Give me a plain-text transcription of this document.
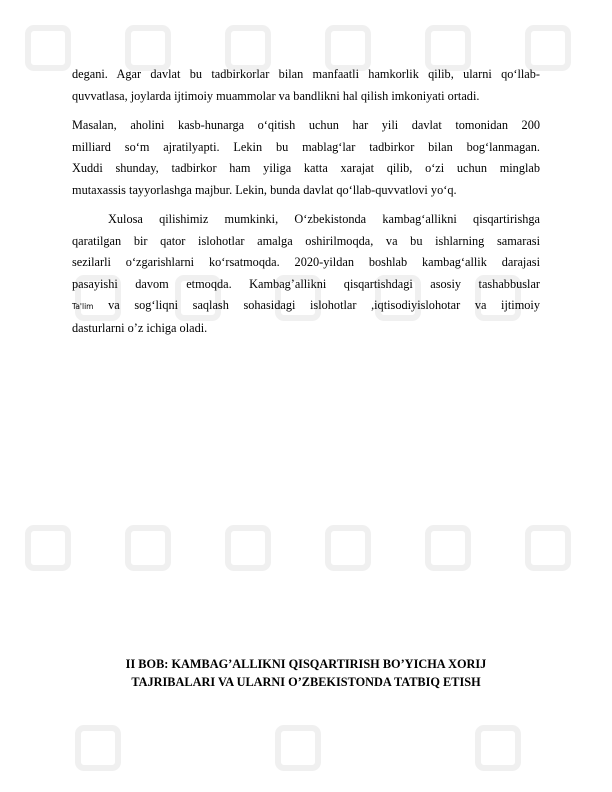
degani. Agar davlat bu tadbirkorlar bilan manfaatli hamkorlik qilib, ularni qo‘llab-
quvvatlasa, joylarda ijtimoiy muammolar va bandlikni hal qilish imkoniyati ortadi.

Masalan, aholini kasb-hunarga o‘qitish uchun har yili davlat tomonidan 200
milliard so‘m ajratilyapti. Lekin bu mablag‘lar tadbirkor bilan bog‘lanmagan.
Xuddi shunday, tadbirkor ham yiliga katta xarajat qilib, o‘zi uchun minglab
mutaxassis tayyorlashga majbur. Lekin, bunda davlat qo‘llab-quvvatlovi yo‘q.

Xulosa qilishimiz mumkinki, O‘zbekistonda kambag‘allikni qisqartirishga
qaratilgan bir qator islohotlar amalga oshirilmoqda, va bu ishlarning samarasi
sezilarli o‘zgarishlarni ko‘rsatmoqda. 2020-yildan boshlab kambag‘allik darajasi
pasayishi davom etmoqda. Kambag’allikni qisqartishdagi asosiy tashabbuslar
Ta'lim va sog‘liqni saqlash sohasidagi islohotlar ,iqtisodiyislohotar va ijtimoiy
dasturlarni o’z ichiga oladi.

II BOB: KAMBAG’ALLIKNI QISQARTIRISH BO’YICHA XORIJ
TAJRIBALARI VA ULARNI O’ZBEKISTONDA TATBIQ ETISH
